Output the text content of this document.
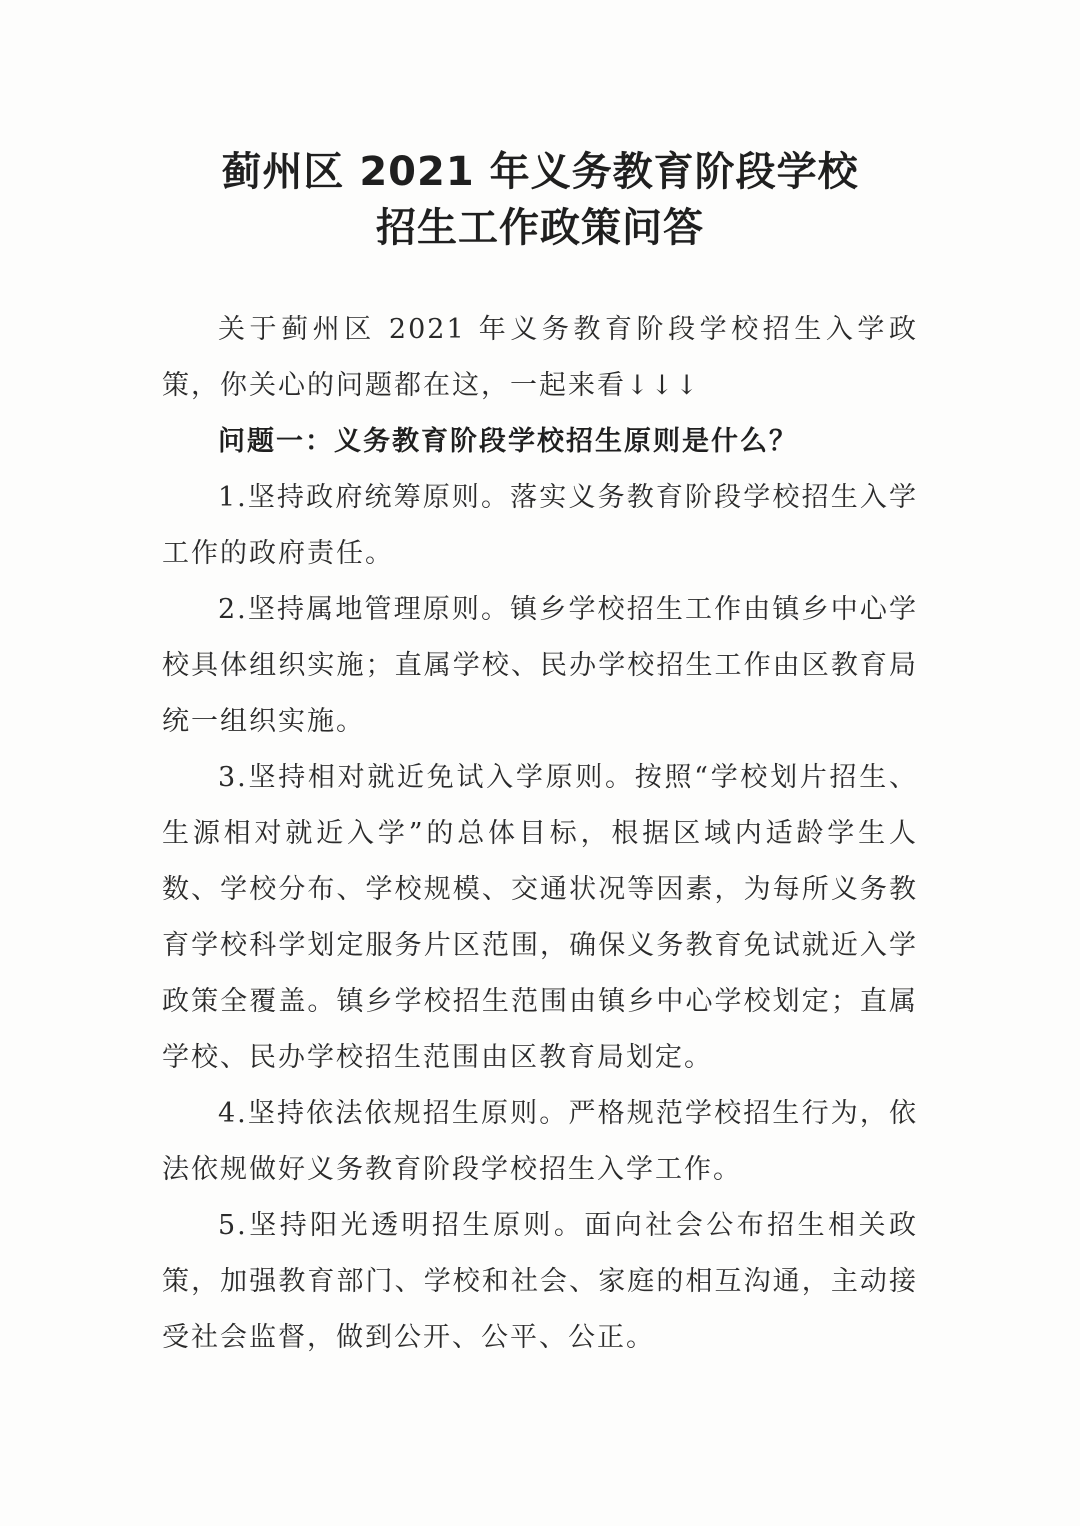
蓟州区 2021 年义务教育阶段学校
招生工作政策问答

关于蓟州区 2021 年义务教育阶段学校招生入学政策，你关心的问题都在这，一起来看↓↓↓

问题一：义务教育阶段学校招生原则是什么？

1.坚持政府统筹原则。落实义务教育阶段学校招生入学工作的政府责任。

2.坚持属地管理原则。镇乡学校招生工作由镇乡中心学校具体组织实施；直属学校、民办学校招生工作由区教育局统一组织实施。

3.坚持相对就近免试入学原则。按照“学校划片招生、生源相对就近入学”的总体目标，根据区域内适龄学生人数、学校分布、学校规模、交通状况等因素，为每所义务教育学校科学划定服务片区范围，确保义务教育免试就近入学政策全覆盖。镇乡学校招生范围由镇乡中心学校划定；直属学校、民办学校招生范围由区教育局划定。

4.坚持依法依规招生原则。严格规范学校招生行为，依法依规做好义务教育阶段学校招生入学工作。

5.坚持阳光透明招生原则。面向社会公布招生相关政策，加强教育部门、学校和社会、家庭的相互沟通，主动接受社会监督，做到公开、公平、公正。
